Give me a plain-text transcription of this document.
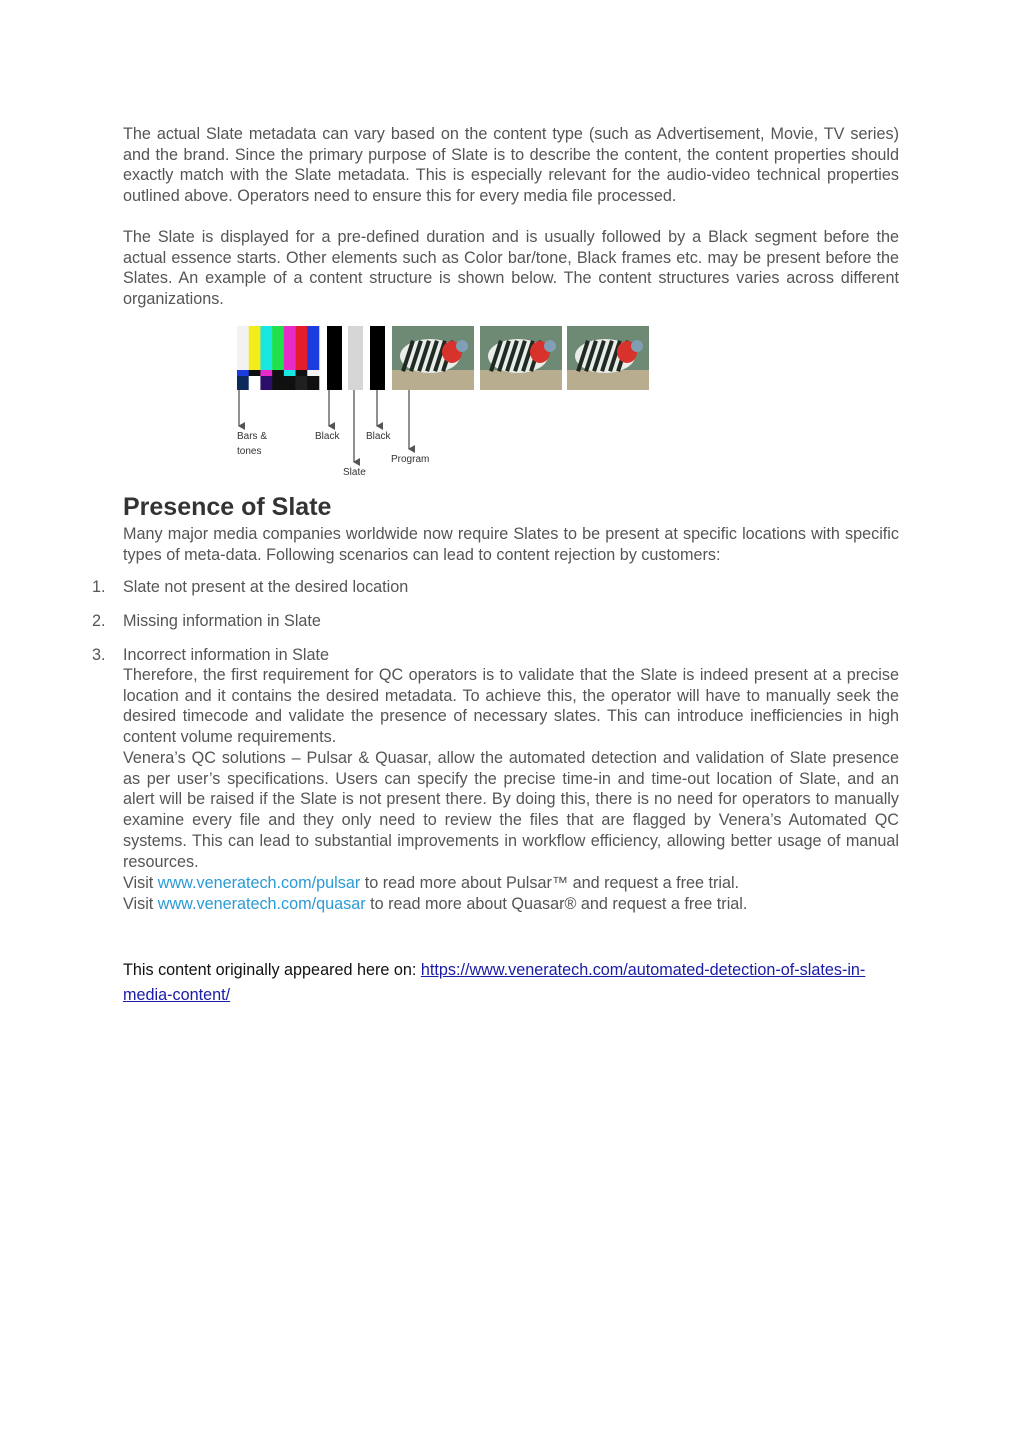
The actual Slate metadata can vary based on the content type (such as Advertisement, Movie, TV series) and the brand. Since the primary purpose of Slate is to describe the content, the content properties should exactly match with the Slate metadata. This is especially relevant for the audio-video technical properties outlined above. Operators need to ensure this for every media file processed.

The Slate is displayed for a pre-defined duration and is usually followed by a Black segment before the actual essence starts. Other elements such as Color bar/tone, Black frames etc. may be present before the Slates. An example of a content structure is shown below. The content structures varies across different organizations.

Bars &
tones
Black	Black
Slate
Program
Presence of Slate

Many major media companies worldwide now require Slates to be present at specific locations with specific types of meta-data. Following scenarios can lead to content rejection by customers:

1. Slate not present at the desired location
2. Missing information in Slate
3. Incorrect information in Slate

Therefore, the first requirement for QC operators is to validate that the Slate is indeed present at a precise location and it contains the desired metadata. To achieve this, the operator will have to manually seek the desired timecode and validate the presence of necessary slates. This can introduce inefficiencies in high content volume requirements.

Venera’s QC solutions – Pulsar & Quasar, allow the automated detection and validation of Slate presence as per user’s specifications. Users can specify the precise time-in and time-out location of Slate, and an alert will be raised if the Slate is not present there. By doing this, there is no need for operators to manually examine every file and they only need to review the files that are flagged by Venera’s Automated QC systems. This can lead to substantial improvements in workflow efficiency, allowing better usage of manual resources.

Visit www.veneratech.com/pulsar to read more about Pulsar™ and request a free trial.

Visit www.veneratech.com/quasar to read more about Quasar® and request a free trial.

This content originally appeared here on: https://www.veneratech.com/automated-detection-of-slates-in-media-content/
